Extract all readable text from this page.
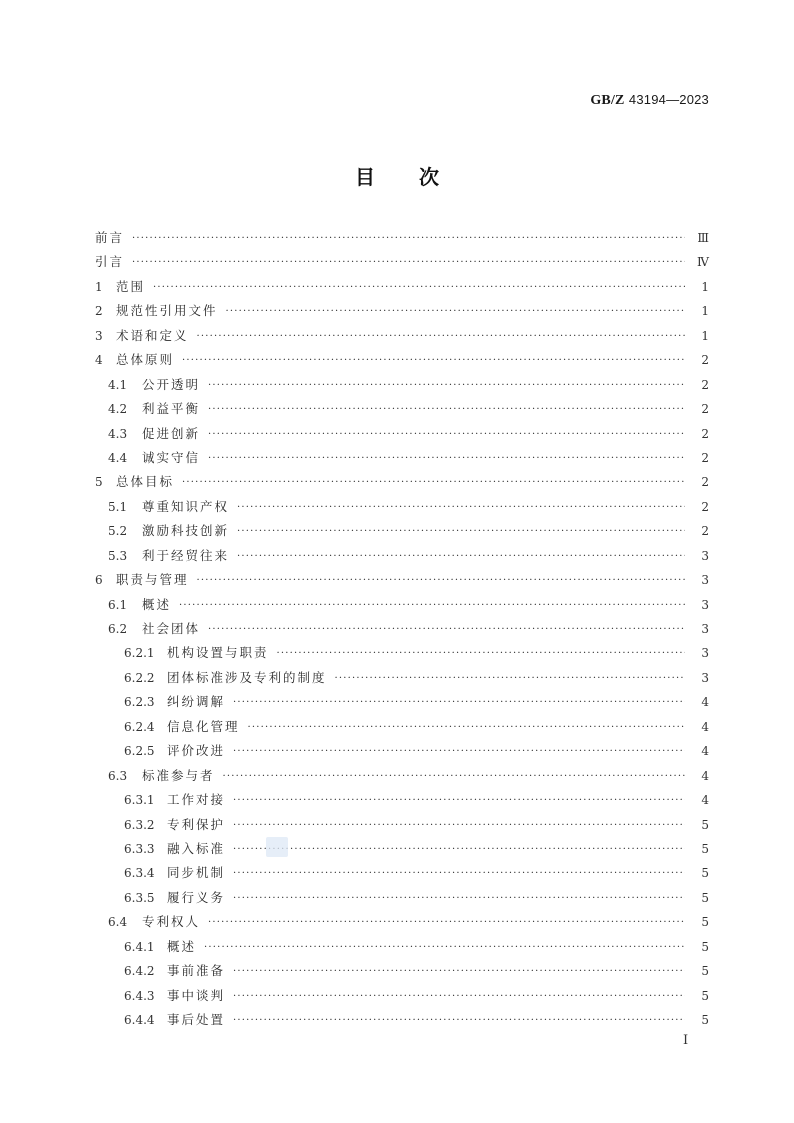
GB/Z 43194—2023
目次
前言 ·····	Ⅲ
引言 ·····	Ⅳ
1	范围 ·····	1
2	规范性引用文件 ·····	1
3	术语和定义 ·····	1
4	总体原则 ·····	2
4.1	公开透明 ·····	2
4.2	利益平衡 ·····	2
4.3	促进创新 ·····	2
4.4	诚实守信 ·····	2
5	总体目标 ·····	2
5.1	尊重知识产权 ·····	2
5.2	激励科技创新 ·····	2
5.3	利于经贸往来 ·····	3
6	职责与管理 ·····	3
6.1	概述 ·····	3
6.2	社会团体 ·····	3
6.2.1 机构设置与职责 ·····	3
6.2.2 团体标准涉及专利的制度 ·····	3
6.2.3 纠纷调解 ·····	4
6.2.4 信息化管理 ·····	4
6.2.5 评价改进 ·····	4
6.3	标准参与者 ·····	4
6.3.1 工作对接 ·····	4
6.3.2 专利保护 ·····	5
6.3.3 融入标准 ·····	5
6.3.4 同步机制 ·····	5
6.3.5 履行义务 ·····	5
6.4	专利权人 ·····	5
6.4.1 概述 ·····	5
6.4.2 事前准备 ·····	5
6.4.3 事中谈判 ·····	5
6.4.4 事后处置 ·····	5
I
